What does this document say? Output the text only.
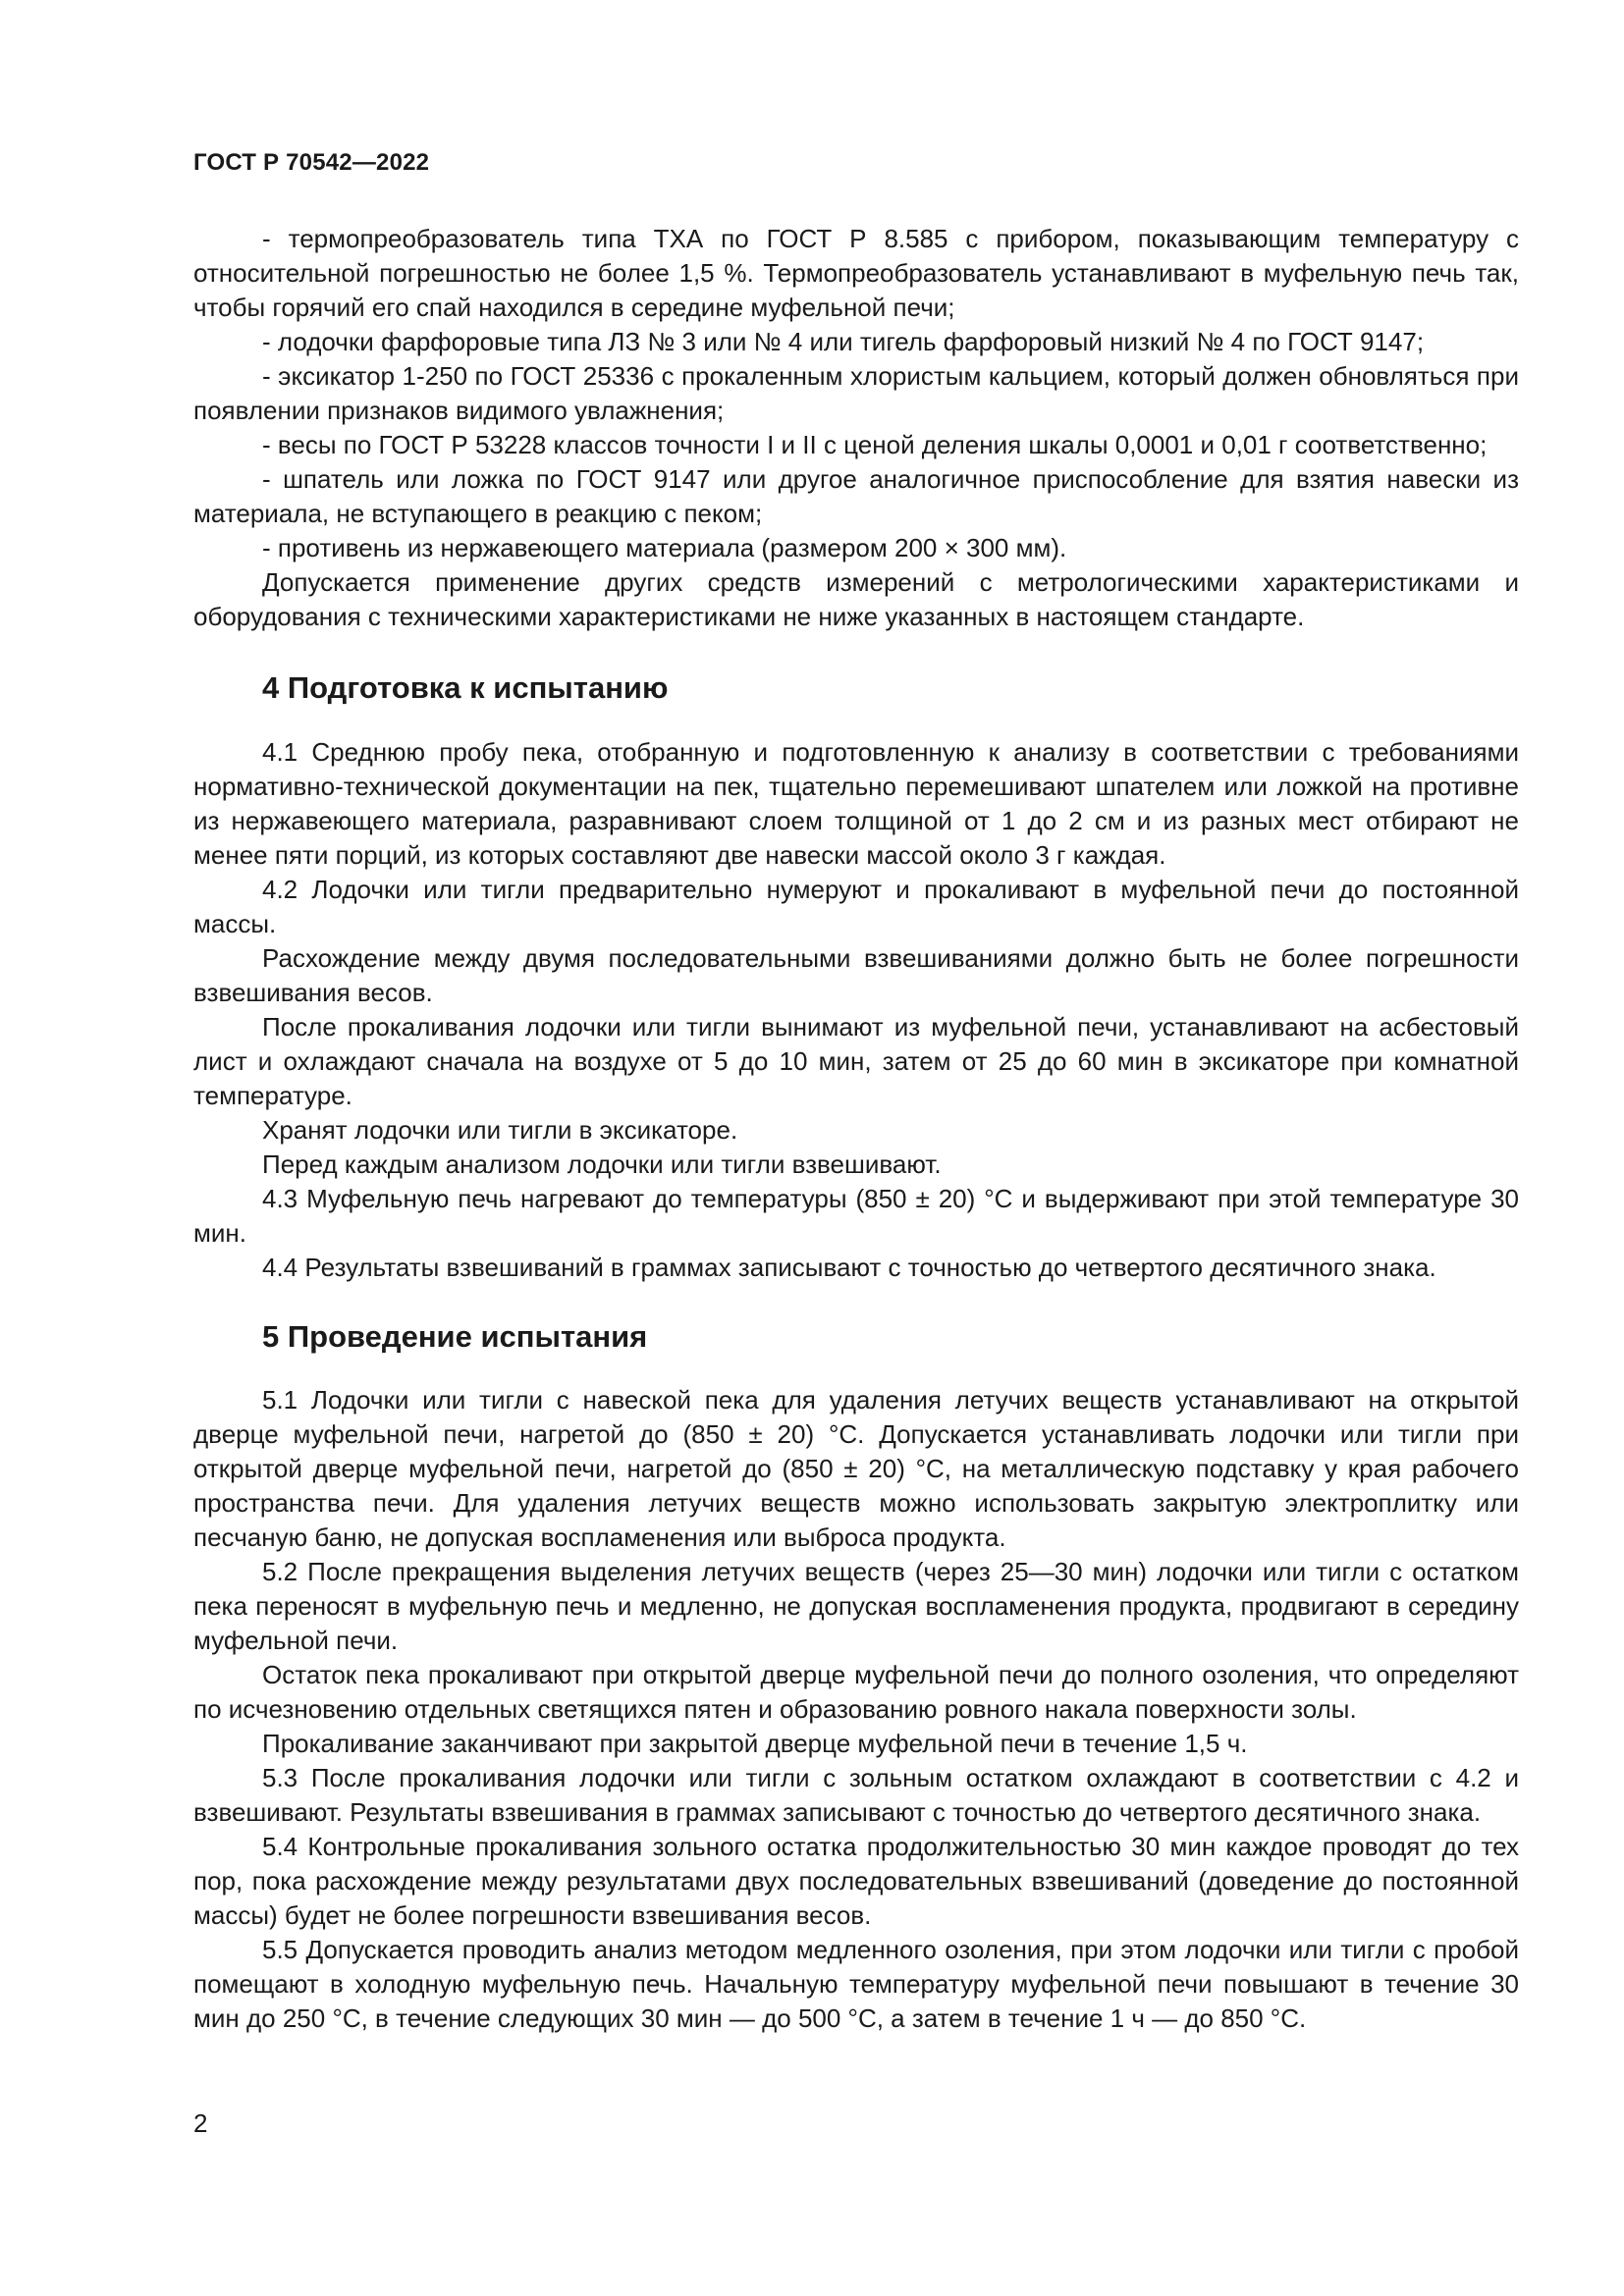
ГОСТ Р 70542—2022

- термопреобразователь типа ТХА по ГОСТ Р 8.585 с прибором, показывающим температуру с относительной погрешностью не более 1,5 %. Термопреобразователь устанавливают в муфельную печь так, чтобы горячий его спай находился в середине муфельной печи;

- лодочки фарфоровые типа ЛЗ № 3 или № 4 или тигель фарфоровый низкий № 4 по ГОСТ 9147;

- эксикатор 1-250 по ГОСТ 25336 с прокаленным хлористым кальцием, который должен обновляться при появлении признаков видимого увлажнения;

- весы по ГОСТ Р 53228 классов точности I и II с ценой деления шкалы 0,0001 и 0,01 г соответственно;

- шпатель или ложка по ГОСТ 9147 или другое аналогичное приспособление для взятия навески из материала, не вступающего в реакцию с пеком;

- противень из нержавеющего материала (размером 200 × 300 мм).

Допускается применение других средств измерений с метрологическими характеристиками и оборудования с техническими характеристиками не ниже указанных в настоящем стандарте.

4 Подготовка к испытанию

4.1 Среднюю пробу пека, отобранную и подготовленную к анализу в соответствии с требованиями нормативно-технической документации на пек, тщательно перемешивают шпателем или ложкой на противне из нержавеющего материала, разравнивают слоем толщиной от 1 до 2 см и из разных мест отбирают не менее пяти порций, из которых составляют две навески массой около 3 г каждая.

4.2 Лодочки или тигли предварительно нумеруют и прокаливают в муфельной печи до постоянной массы.

Расхождение между двумя последовательными взвешиваниями должно быть не более погрешности взвешивания весов.

После прокаливания лодочки или тигли вынимают из муфельной печи, устанавливают на асбестовый лист и охлаждают сначала на воздухе от 5 до 10 мин, затем от 25 до 60 мин в эксикаторе при комнатной температуре.

Хранят лодочки или тигли в эксикаторе.

Перед каждым анализом лодочки или тигли взвешивают.

4.3 Муфельную печь нагревают до температуры (850 ± 20) °С и выдерживают при этой температуре 30 мин.

4.4 Результаты взвешиваний в граммах записывают с точностью до четвертого десятичного знака.

5 Проведение испытания

5.1 Лодочки или тигли с навеской пека для удаления летучих веществ устанавливают на открытой дверце муфельной печи, нагретой до (850 ± 20) °С. Допускается устанавливать лодочки или тигли при открытой дверце муфельной печи, нагретой до (850 ± 20) °С, на металлическую подставку у края рабочего пространства печи. Для удаления летучих веществ можно использовать закрытую электроплитку или песчаную баню, не допуская воспламенения или выброса продукта.

5.2 После прекращения выделения летучих веществ (через 25—30 мин) лодочки или тигли с остатком пека переносят в муфельную печь и медленно, не допуская воспламенения продукта, продвигают в середину муфельной печи.

Остаток пека прокаливают при открытой дверце муфельной печи до полного озоления, что определяют по исчезновению отдельных светящихся пятен и образованию ровного накала поверхности золы.

Прокаливание заканчивают при закрытой дверце муфельной печи в течение 1,5 ч.

5.3 После прокаливания лодочки или тигли с зольным остатком охлаждают в соответствии с 4.2 и взвешивают. Результаты взвешивания в граммах записывают с точностью до четвертого десятичного знака.

5.4 Контрольные прокаливания зольного остатка продолжительностью 30 мин каждое проводят до тех пор, пока расхождение между результатами двух последовательных взвешиваний (доведение до постоянной массы) будет не более погрешности взвешивания весов.

5.5 Допускается проводить анализ методом медленного озоления, при этом лодочки или тигли с пробой помещают в холодную муфельную печь. Начальную температуру муфельной печи повышают в течение 30 мин до 250 °С, в течение следующих 30 мин — до 500 °С, а затем в течение 1 ч — до 850 °С.

2
